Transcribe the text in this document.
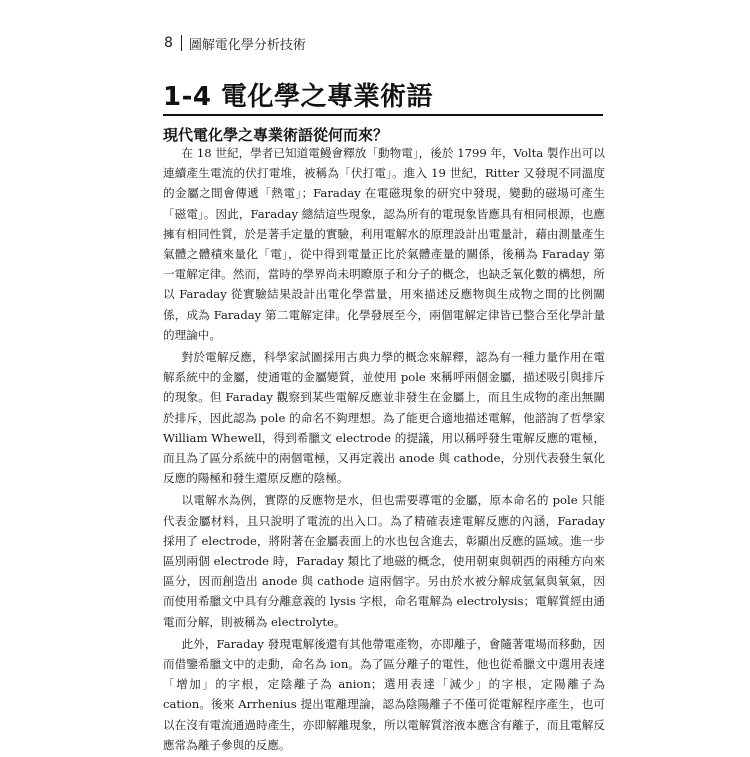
8 圖解電化學分析技術
1-4 電化學之專業術語
現代電化學之專業術語從何而來？

在 18 世紀，學者已知道電鰻會釋放「動物電」，後於 1799 年，Volta 製作出可以連續產生電流的伏打電堆，被稱為「伏打電」。進入 19 世紀，Ritter 又發現不同溫度的金屬之間會傳遞「熱電」；Faraday 在電磁現象的研究中發現，變動的磁場可產生「磁電」。因此，Faraday 總結這些現象，認為所有的電現象皆應具有相同根源，也應擁有相同性質，於是著手定量的實驗，利用電解水的原理設計出電量計，藉由測量產生氣體之體積來量化「電」，從中得到電量正比於氣體產量的關係，後稱為 Faraday 第一電解定律。然而，當時的學界尚未明瞭原子和分子的概念，也缺乏氧化數的構想，所以 Faraday 從實驗結果設計出電化學當量，用來描述反應物與生成物之間的比例關係，成為 Faraday 第二電解定律。化學發展至今，兩個電解定律皆已整合至化學計量的理論中。

對於電解反應，科學家試圖採用古典力學的概念來解釋，認為有一種力量作用在電解系統中的金屬，使通電的金屬變質，並使用 pole 來稱呼兩個金屬，描述吸引與排斥的現象。但 Faraday 觀察到某些電解反應並非發生在金屬上，而且生成物的產出無關於排斥，因此認為 pole 的命名不夠理想。為了能更合適地描述電解，他諮詢了哲學家 William Whewell，得到希臘文 electrode 的提議，用以稱呼發生電解反應的電極，而且為了區分系統中的兩個電極，又再定義出 anode 與 cathode，分別代表發生氧化反應的陽極和發生還原反應的陰極。

以電解水為例，實際的反應物是水，但也需要導電的金屬，原本命名的 pole 只能代表金屬材料，且只說明了電流的出入口。為了精確表達電解反應的內涵，Faraday 採用了 electrode，將附著在金屬表面上的水也包含進去，彰顯出反應的區域。進一步區別兩個 electrode 時，Faraday 類比了地磁的概念，使用朝東與朝西的兩種方向來區分，因而創造出 anode 與 cathode 這兩個字。另由於水被分解成氫氣與氧氣，因而使用希臘文中具有分離意義的 lysis 字根，命名電解為 electrolysis；電解質經由通電而分解，則被稱為 electrolyte。

此外，Faraday 發現電解後還有其他帶電產物，亦即離子，會隨著電場而移動，因而借鑒希臘文中的走動，命名為 ion。為了區分離子的電性，他也從希臘文中選用表達「增加」的字根，定陰離子為 anion；選用表達「減少」的字根，定陽離子為 cation。後來 Arrhenius 提出電離理論，認為陰陽離子不僅可從電解程序產生，也可以在沒有電流通過時產生，亦即解離現象，所以電解質溶液本應含有離子，而且電解反應常為離子參與的反應。
